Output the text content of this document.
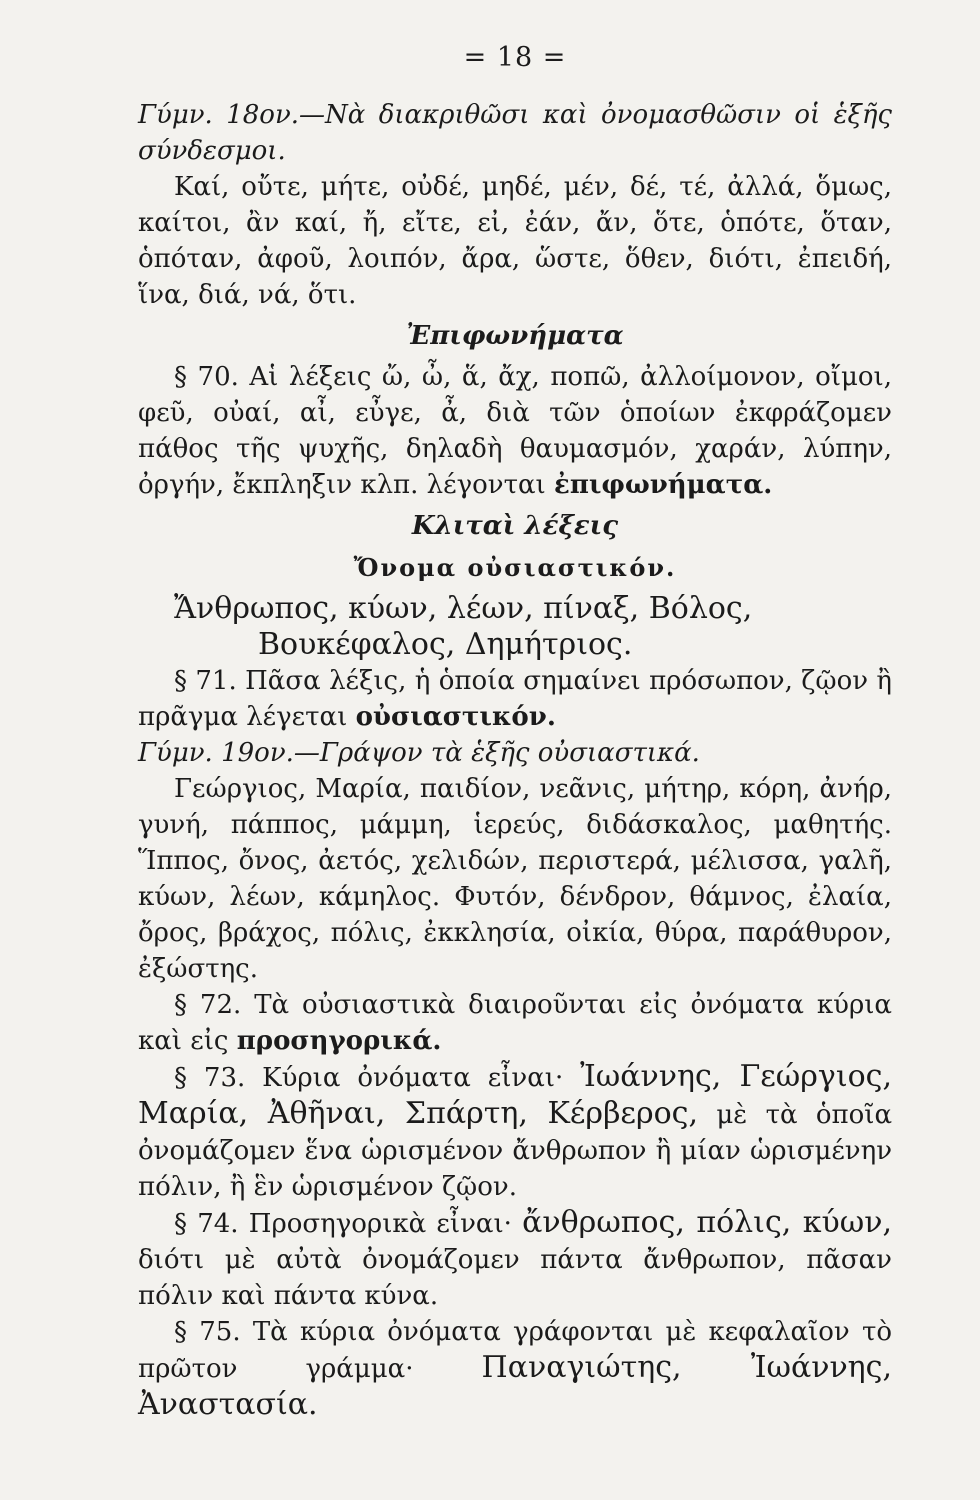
= 18 =

Γύμν. 18ον.—Νὰ διακριθῶσι καὶ ὀνομασθῶσιν οἱ ἑξῆς σύνδεσμοι.

Καί, οὔτε, μήτε, οὐδέ, μηδέ, μέν, δέ, τέ, ἀλλά, ὅμως, καίτοι, ἂν καί, ἤ, εἴτε, εἰ, ἐάν, ἄν, ὅτε, ὁπότε, ὅταν, ὁπόταν, ἀφοῦ, λοιπόν, ἄρα, ὥστε, ὅθεν, διότι, ἐπειδή, ἵνα, διά, νά, ὅτι.

Ἐπιφωνήματα

§ 70. Αἱ λέξεις ὤ, ὦ, ἅ, ἄχ, ποπῶ, ἀλλοίμονον, οἴμοι, φεῦ, οὐαί, αἶ, εὖγε, ἆ, διὰ τῶν ὁποίων ἐκφράζομεν πάθος τῆς ψυχῆς, δηλαδὴ θαυμασμόν, χαράν, λύπην, ὀργήν, ἔκπληξιν κλπ. λέγονται ἐπιφωνήματα.

Κλιταὶ λέξεις
Ὄνομα οὐσιαστικόν.

Ἄνθρωπος, κύων, λέων, πίναξ, Βόλος,

Βουκέφαλος, Δημήτριος.

§ 71. Πᾶσα λέξις, ἡ ὁποία σημαίνει πρόσωπον, ζῷον ἢ πρᾶγμα λέγεται οὐσιαστικόν.

Γύμν. 19ον.—Γράψον τὰ ἑξῆς οὐσιαστικά.

Γεώργιος, Μαρία, παιδίον, νεᾶνις, μήτηρ, κόρη, ἀνήρ, γυνή, πάππος, μάμμη, ἱερεύς, διδάσκαλος, μαθητής. Ἵππος, ὄνος, ἀετός, χελιδών, περιστερά, μέλισσα, γαλῆ, κύων, λέων, κάμηλος. Φυτόν, δένδρον, θάμνος, ἐλαία, ὄρος, βράχος, πόλις, ἐκκλησία, οἰκία, θύρα, παράθυρον, ἐξώστης.

§ 72. Τὰ οὐσιαστικὰ διαιροῦνται εἰς ὀνόματα κύρια καὶ εἰς προσηγορικά.

§ 73. Κύρια ὀνόματα εἶναι· Ἰωάννης, Γεώργιος, Μαρία, Ἀθῆναι, Σπάρτη, Κέρβερος, μὲ τὰ ὁποῖα ὀνομάζομεν ἕνα ὡρισμένον ἄνθρωπον ἢ μίαν ὡρισμένην πόλιν, ἢ ἓν ὡρισμένον ζῷον.

§ 74. Προσηγορικὰ εἶναι· ἄνθρωπος, πόλις, κύων, διότι μὲ αὐτὰ ὀνομάζομεν πάντα ἄνθρωπον, πᾶσαν πόλιν καὶ πάντα κύνα.

§ 75. Τὰ κύρια ὀνόματα γράφονται μὲ κεφαλαῖον τὸ πρῶτον γράμμα· Παναγιώτης, Ἰωάννης, Ἀναστασία.
